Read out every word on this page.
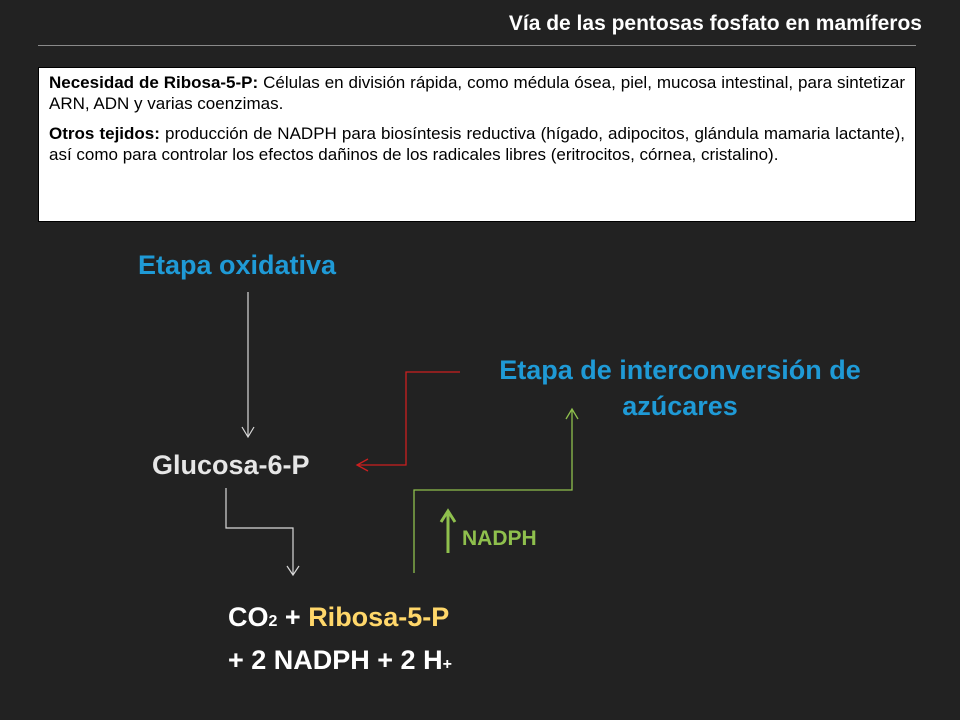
Vía de las pentosas fosfato en mamíferos

Necesidad de Ribosa-5-P: Células en división rápida, como médula ósea, piel, mucosa intestinal, para sintetizar ARN, ADN y varias coenzimas.

Otros tejidos: producción de NADPH para biosíntesis reductiva (hígado, adipocitos, glándula mamaria lactante), así como para controlar los efectos dañinos de los radicales libres (eritrocitos, córnea, cristalino).

Etapa oxidativa
Etapa de interconversión de
azúcares
Glucosa-6-P
NADPH
CO2 + Ribosa-5-P
+ 2 NADPH + 2 H+
